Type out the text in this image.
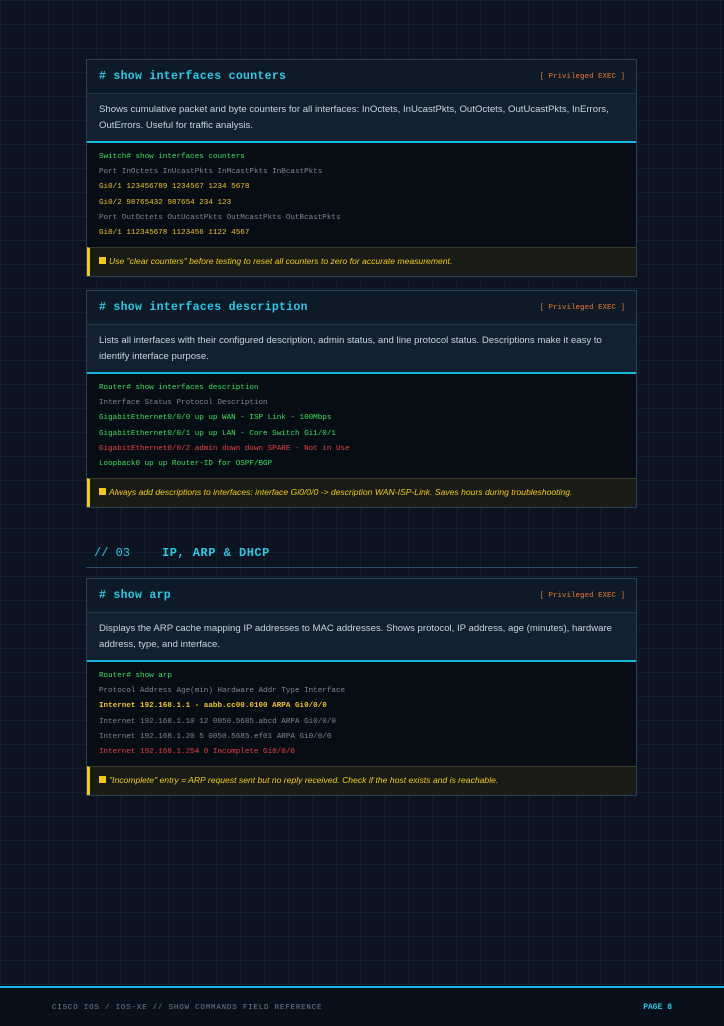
# show interfaces counters	[ Privileged EXEC ]
Shows cumulative packet and byte counters for all interfaces: InOctets, InUcastPkts, OutOctets, OutUcastPkts, InErrors, OutErrors. Useful for traffic analysis.
Switch# show interfaces counters
Port InOctets InUcastPkts InMcastPkts InBcastPkts
Gi0/1 123456789 1234567 1234 5678
Gi0/2 98765432 987654 234 123
Port OutOctets OutUcastPkts OutMcastPkts OutBcastPkts
Gi0/1 112345678 1123456 1122 4567
Use "clear counters" before testing to reset all counters to zero for accurate measurement.
# show interfaces description	[ Privileged EXEC ]
Lists all interfaces with their configured description, admin status, and line protocol status. Descriptions make it easy to identify interface purpose.
Router# show interfaces description
Interface Status Protocol Description
GigabitEthernet0/0/0 up up WAN - ISP Link - 100Mbps
GigabitEthernet0/0/1 up up LAN - Core Switch Gi1/0/1
GigabitEthernet0/0/2 admin down down SPARE - Not in Use
Loopback0 up up Router-ID for OSPF/BGP
Always add descriptions to interfaces: interface Gi0/0/0 -> description WAN-ISP-Link. Saves hours during troubleshooting.
// 03	IP, ARP & DHCP
# show arp	[ Privileged EXEC ]
Displays the ARP cache mapping IP addresses to MAC addresses. Shows protocol, IP address, age (minutes), hardware address, type, and interface.
Router# show arp
Protocol Address Age(min) Hardware Addr Type Interface
Internet 192.168.1.1 - aabb.cc00.0100 ARPA Gi0/0/0
Internet 192.168.1.10 12 0050.5685.abcd ARPA Gi0/0/0
Internet 192.168.1.20 5 0050.5685.ef01 ARPA Gi0/0/0
Internet 192.168.1.254 0 Incomplete Gi0/0/0
"Incomplete" entry = ARP request sent but no reply received. Check if the host exists and is reachable.
CISCO IOS / IOS-XE // SHOW COMMANDS FIELD REFERENCE	PAGE 8
